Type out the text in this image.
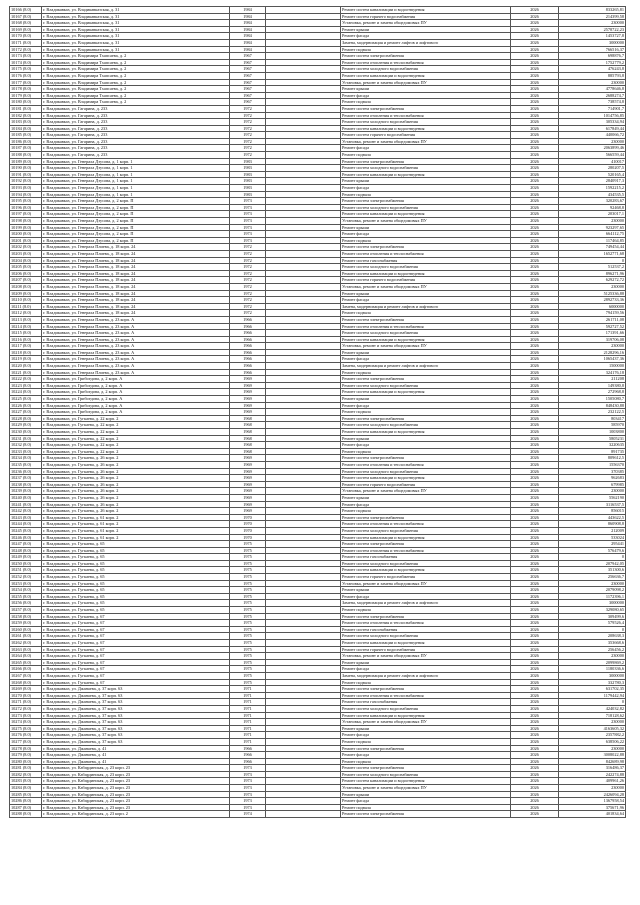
10166 (8.0)	г. Владикавказ, ул. Владикавказская, д. 31	1984		Ремонт систем канализации и водоотведения	2026	833265,81
10167 (8.0)	г. Владикавказ, ул. Владикавказская, д. 31	1984		Ремонт систем горячего водоснабжения	2026	214399,58
10168 (8.0)	г. Владикавказ, ул. Владикавказская, д. 31	1984		Установка, ремонт и замена общедомовых ПУ	2026	230000
10169 (8.0)	г. Владикавказ, ул. Владикавказская, д. 31	1984		Ремонт крыши	2026	2578722,23
10170 (8.0)	г. Владикавказ, ул. Владикавказская, д. 31	1984		Ремонт фасада	2026	1453727,8
10171 (8.0)	г. Владикавказ, ул. Владикавказская, д. 31	1984		Замена, модернизация и ремонт лифтов и лифтового	2026	3000000
10172 (8.0)	г. Владикавказ, ул. Владикавказская, д. 31	1984		Ремонт подвала	2026	766516,37
10173 (8.0)	г. Владикавказ, ул. Владимира Тхапсаева, д. 2	1967		Ремонт систем электроснабжения	2026	698876,7
10174 (8.0)	г. Владикавказ, ул. Владимира Тхапсаева, д. 2	1967		Ремонт систем отопления и теплоснабжения	2026	1752779,2
10175 (8.0)	г. Владикавказ, ул. Владимира Тхапсаева, д. 2	1967		Ремонт систем холодного водоснабжения	2026	476243,8
10176 (8.0)	г. Владикавказ, ул. Владимира Тхапсаева, д. 2	1967		Ремонт систем канализации и водоотведения	2026	885793,8
10177 (8.0)	г. Владикавказ, ул. Владимира Тхапсаева, д. 2	1967		Установка, ремонт и замена общедомовых ПУ	2026	230000
10178 (8.0)	г. Владикавказ, ул. Владимира Тхапсаева, д. 2	1967		Ремонт крыши	2026	4778646,8
10179 (8.0)	г. Владикавказ, ул. Владимира Тхапсаева, д. 2	1967		Ремонт фасада	2026	2688274,7
10180 (8.0)	г. Владикавказ, ул. Владимира Тхапсаева, д. 2	1967		Ремонт подвала	2026	738574,8
10181 (8.0)	г. Владикавказ, ул. Гагарина, д. 233	1972		Ремонт систем электроснабжения	2026	714901,7
10182 (8.0)	г. Владикавказ, ул. Гагарина, д. 233	1972		Ремонт систем отопления и теплоснабжения	2026	1014756,85
10183 (8.0)	г. Владикавказ, ул. Гагарина, д. 233	1972		Ремонт систем холодного водоснабжения	2026	305334,94
10184 (8.0)	г. Владикавказ, ул. Гагарина, д. 233	1972		Ремонт систем канализации и водоотведения	2026	617849,44
10185 (8.0)	г. Владикавказ, ул. Гагарина, д. 233	1972		Ремонт систем горячего водоснабжения	2026	440066,72
10186 (8.0)	г. Владикавказ, ул. Гагарина, д. 233	1972		Установка, ремонт и замена общедомовых ПУ	2026	230000
10187 (8.0)	г. Владикавказ, ул. Гагарина, д. 233	1972		Ремонт фасада	2026	2063899,46
10188 (8.0)	г. Владикавказ, ул. Гагарина, д. 233	1972		Ремонт подвала	2026	566559,44
10189 (8.0)	г. Владикавказ, ул. Генерала Дзусова, д. 1 корп. 1	1983		Ремонт систем электроснабжения	2026	410017
10190 (8.0)	г. Владикавказ, ул. Генерала Дзусова, д. 1 корп. 1	1983		Ремонт систем холодного водоснабжения	2026	280207,5
10191 (8.0)	г. Владикавказ, ул. Генерала Дзусова, д. 1 корп. 1	1983		Ремонт систем канализации и водоотведения	2026	520165,4
10192 (8.0)	г. Владикавказ, ул. Генерала Дзусова, д. 1 корп. 1	1983		Ремонт крыши	2026	2840917,3
10193 (8.0)	г. Владикавказ, ул. Генерала Дзусова, д. 1 корп. 1	1983		Ремонт фасада	2026	1592215,2
10194 (8.0)	г. Владикавказ, ул. Генерала Дзусова, д. 1 корп. 1	1983		Ремонт подвала	2026	434535,5
10195 (8.0)	г. Владикавказ, ул. Генерала Дзусова, д. 2 корп. П	1973		Ремонт систем электроснабжения	2026	320283,67
10196 (8.0)	г. Владикавказ, ул. Генерала Дзусова, д. 2 корп. П	1973		Ремонт систем холодного водоснабжения	2026	92468,8
10197 (8.0)	г. Владикавказ, ул. Генерала Дзусова, д. 2 корп. П	1973		Ремонт систем канализации и водоотведения	2026	203017,1
10198 (8.0)	г. Владикавказ, ул. Генерала Дзусова, д. 2 корп. П	1973		Установка, ремонт и замена общедомовых ПУ	2026	230000
10199 (8.0)	г. Владикавказ, ул. Генерала Дзусова, д. 2 корп. П	1973		Ремонт крыши	2026	923297,65
10200 (8.0)	г. Владикавказ, ул. Генерала Дзусова, д. 2 корп. П	1973		Ремонт фасада	2026	664112,75
10201 (8.0)	г. Владикавказ, ул. Генерала Дзусова, д. 2 корп. П	1973		Ремонт подвала	2026	117464,85
10202 (8.0)	г. Владикавказ, ул. Генерала Плиева, д. 18 корп. 24	1972		Ремонт систем электроснабжения	2026	749454,44
10203 (8.0)	г. Владикавказ, ул. Генерала Плиева, д. 18 корп. 24	1972		Ремонт систем отопления и теплоснабжения	2026	1652771,68
10204 (8.0)	г. Владикавказ, ул. Генерала Плиева, д. 18 корп. 24	1972		Ремонт систем газоснабжения	2026	0
10205 (8.0)	г. Владикавказ, ул. Генерала Плиева, д. 18 корп. 24	1972		Ремонт систем холодного водоснабжения	2026	512537,2
10206 (8.0)	г. Владикавказ, ул. Генерала Плиева, д. 18 корп. 24	1972		Ремонт систем канализации и водоотведения	2026	896271,96
10207 (8.0)	г. Владикавказ, ул. Генерала Плиева, д. 18 корп. 24	1972		Ремонт систем горячего водоснабжения	2026	629272,72
10208 (8.0)	г. Владикавказ, ул. Генерала Плиева, д. 18 корп. 24	1972		Установка, ремонт и замена общедомовых ПУ	2026	230000
10209 (8.0)	г. Владикавказ, ул. Генерала Плиева, д. 18 корп. 24	1972		Ремонт крыши	2026	5125336,88
10210 (8.0)	г. Владикавказ, ул. Генерала Плиева, д. 18 корп. 24	1972		Ремонт фасада	2026	2892733,36
10211 (8.0)	г. Владикавказ, ул. Генерала Плиева, д. 18 корп. 24	1972		Замена, модернизация и ремонт лифтов и лифтового	2026	6000000
10212 (8.0)	г. Владикавказ, ул. Генерала Плиева, д. 18 корп. 24	1972		Ремонт подвала	2026	794159,56
10213 (8.0)	г. Владикавказ, ул. Генерала Плиева, д. 23 корп. А	1966		Ремонт систем электроснабжения	2026	261711,08
10214 (8.0)	г. Владикавказ, ул. Генерала Плиева, д. 23 корп. А	1966		Ремонт систем отопления и теплоснабжения	2026	592727,52
10215 (8.0)	г. Владикавказ, ул. Генерала Плиева, д. 23 корп. А	1966		Ремонт систем холодного водоснабжения	2026	171391,66
10216 (8.0)	г. Владикавказ, ул. Генерала Плиева, д. 23 корп. А	1966		Ремонт систем канализации и водоотведения	2026	319706,08
10217 (8.0)	г. Владикавказ, ул. Генерала Плиева, д. 23 корп. А	1966		Установка, ремонт и замена общедомовых ПУ	2026	230000
10218 (8.0)	г. Владикавказ, ул. Генерала Плиева, д. 23 корп. А	1966		Ремонт крыши	2026	2128296,16
10219 (8.0)	г. Владикавказ, ул. Генерала Плиева, д. 23 корп. А	1966		Ремонт фасада	2026	1065437,36
10220 (8.0)	г. Владикавказ, ул. Генерала Плиева, д. 23 корп. А	1966		Замена, модернизация и ремонт лифтов и лифтового	2026	1500000
10221 (8.0)	г. Владикавказ, ул. Генерала Плиева, д. 23 корп. А	1966		Ремонт подвала	2026	324176,18
10222 (8.0)	г. Владикавказ, ул. Грибоедова, д. 2 корп. А	1969		Ремонт систем электроснабжения	2026	211208
10223 (8.0)	г. Владикавказ, ул. Грибоедова, д. 2 корп. А	1969		Ремонт систем холодного водоснабжения	2026	149380,8
10224 (8.0)	г. Владикавказ, ул. Грибоедова, д. 2 корп. А	1969		Ремонт систем канализации и водоотведения	2026	272968,8
10225 (8.0)	г. Владикавказ, ул. Грибоедова, д. 2 корп. А	1969		Ремонт крыши	2026	1505080,7
10226 (8.0)	г. Владикавказ, ул. Грибоедова, д. 2 корп. А	1969		Ремонт фасада	2026	848430,88
10227 (8.0)	г. Владикавказ, ул. Грибоедова, д. 2 корп. А	1969		Ремонт подвала	2026	232122,5
10228 (8.0)	г. Владикавказ, ул. Гугкаева, д. 22 корп. 2	1968		Ремонт систем электроснабжения	2026	803417
10229 (8.0)	г. Владикавказ, ул. Гугкаева, д. 22 корп. 2	1968		Ремонт систем холодного водоснабжения	2026	585970
10230 (8.0)	г. Владикавказ, ул. Гугкаева, д. 22 корп. 2	1968		Ремонт систем канализации и водоотведения	2026	1003800
10231 (8.0)	г. Владикавказ, ул. Гугкаева, д. 22 корп. 2	1968		Ремонт крыши	2026	5805231
10232 (8.0)	г. Владикавказ, ул. Гугкаева, д. 22 корп. 2	1968		Ремонт фасада	2026	3220635
10233 (8.0)	г. Владикавказ, ул. Гугкаева, д. 22 корп. 2	1968		Ремонт подвала	2026	891735
10234 (8.0)	г. Владикавказ, ул. Гугкаева, д. 26 корп. 2	1969		Ремонт систем электроснабжения	2026	809612,5
10235 (8.0)	г. Владикавказ, ул. Гугкаева, д. 26 корп. 2	1969		Ремонт систем отопления и теплоснабжения	2026	1556370
10236 (8.0)	г. Владикавказ, ул. Гугкаева, д. 26 корп. 2	1969		Ремонт систем холодного водоснабжения	2026	370385
10237 (8.0)	г. Владикавказ, ул. Гугкаева, д. 26 корп. 2	1969		Ремонт систем канализации и водоотведения	2026	962683
10238 (8.0)	г. Владикавказ, ул. Гугкаева, д. 26 корп. 2	1969		Ремонт систем горячего водоснабжения	2026	679985
10239 (8.0)	г. Владикавказ, ул. Гугкаева, д. 26 корп. 2	1969		Установка, ремонт и замена общедомовых ПУ	2026	230000
10240 (8.0)	г. Владикавказ, ул. Гугкаева, д. 26 корп. 2	1969		Ремонт крыши	2026	5562190
10241 (8.0)	г. Владикавказ, ул. Гугкаева, д. 26 корп. 2	1969		Ремонт фасада	2026	3116537,5
10242 (8.0)	г. Владикавказ, ул. Гугкаева, д. 26 корп. 2	1969		Ремонт подвала	2026	856015
10243 (8.0)	г. Владикавказ, ул. Гугкаева, д. 61 корп. 2	1970		Ремонт систем электроснабжения	2026	443622,5
10244 (8.0)	г. Владикавказ, ул. Гугкаева, д. 61 корп. 2	1970		Ремонт систем отопления и теплоснабжения	2026	860908,8
10245 (8.0)	г. Владикавказ, ул. Гугкаева, д. 61 корп. 2	1970		Ремонт систем холодного водоснабжения	2026	212009
10246 (8.0)	г. Владикавказ, ул. Гугкаева, д. 61 корп. 2	1970		Ремонт систем канализации и водоотведения	2026	533024
10247 (8.0)	г. Владикавказ, ул. Гугкаева, д. 65	1975		Ремонт систем электроснабжения	2026	295441
10248 (8.0)	г. Владикавказ, ул. Гугкаева, д. 65	1975		Ремонт систем отопления и теплоснабжения	2026	576479,6
10249 (8.0)	г. Владикавказ, ул. Гугкаева, д. 65	1975		Ремонт систем газоснабжения	2026	0
10250 (8.0)	г. Владикавказ, ул. Гугкаева, д. 65	1975		Ремонт систем холодного водоснабжения	2026	207942,05
10251 (8.0)	г. Владикавказ, ул. Гугкаева, д. 65	1975		Ремонт систем канализации и водоотведения	2026	351300,6
10252 (8.0)	г. Владикавказ, ул. Гугкаева, д. 65	1975		Ремонт систем горячего водоснабжения	2026	256636,7
10253 (8.0)	г. Владикавказ, ул. Гугкаева, д. 65	1975		Установка, ремонт и замена общедомовых ПУ	2026	230000
10254 (8.0)	г. Владикавказ, ул. Гугкаева, д. 65	1975		Ремонт крыши	2026	2079098,2
10255 (8.0)	г. Владикавказ, ул. Гугкаева, д. 65	1975		Ремонт фасада	2026	1172396,1
10256 (8.0)	г. Владикавказ, ул. Гугкаева, д. 65	1975		Замена, модернизация и ремонт лифтов и лифтового	2026	3000000
10257 (8.0)	г. Владикавказ, ул. Гугкаева, д. 65	1975		Ремонт подвала	2026	329080,65
10258 (8.0)	г. Владикавказ, ул. Гугкаева, д. 67	1975		Ремонт систем электроснабжения	2026	309499,6
10259 (8.0)	г. Владикавказ, ул. Гугкаева, д. 67	1975		Ремонт систем отопления и теплоснабжения	2026	579526,4
10260 (8.0)	г. Владикавказ, ул. Гугкаева, д. 67	1975		Ремонт систем газоснабжения	2026	0
10261 (8.0)	г. Владикавказ, ул. Гугкаева, д. 67	1975		Ремонт систем холодного водоснабжения	2026	208638,3
10262 (8.0)	г. Владикавказ, ул. Гугкаева, д. 67	1975		Ремонт систем канализации и водоотведения	2026	353668,6
10263 (8.0)	г. Владикавказ, ул. Гугкаева, д. 67	1975		Ремонт систем горячего водоснабжения	2026	256456,2
10264 (8.0)	г. Владикавказ, ул. Гугкаева, д. 67	1975		Установка, ремонт и замена общедомовых ПУ	2026	230000
10265 (8.0)	г. Владикавказ, ул. Гугкаева, д. 67	1975		Ремонт крыши	2026	2099869,2
10266 (8.0)	г. Владикавказ, ул. Гугкаева, д. 67	1975		Ремонт фасада	2026	1180336,6
10267 (8.0)	г. Владикавказ, ул. Гугкаева, д. 67	1975		Замена, модернизация и ремонт лифтов и лифтового	2026	3000000
10268 (8.0)	г. Владикавказ, ул. Гугкаева, д. 67	1975		Ремонт подвала	2026	332780,3
10269 (8.0)	г. Владикавказ, ул. Джанаева, д. 37 корп. 63	1971		Ремонт систем электроснабжения	2026	631702,35
10270 (8.0)	г. Владикавказ, ул. Джанаева, д. 37 корп. 63	1971		Ремонт систем отопления и теплоснабжения	2026	1179442,94
10271 (8.0)	г. Владикавказ, ул. Джанаева, д. 37 корп. 63	1971		Ремонт систем газоснабжения	2026	0
10272 (8.0)	г. Владикавказ, ул. Джанаева, д. 37 корп. 63	1971		Ремонт систем холодного водоснабжения	2026	424032,82
10273 (8.0)	г. Владикавказ, ул. Джанаева, д. 37 корп. 63	1971		Ремонт систем канализации и водоотведения	2026	718128,62
10274 (8.0)	г. Владикавказ, ул. Джанаева, д. 37 корп. 63	1971		Установка, ремонт и замена общедомовых ПУ	2026	230000
10275 (8.0)	г. Владикавказ, ул. Джанаева, д. 37 корп. 63	1971		Ремонт крыши	2026	4163605,32
10276 (8.0)	г. Владикавказ, ул. Джанаева, д. 37 корп. 63	1971		Ремонт фасада	2026	2357882,2
10277 (8.0)	г. Владикавказ, ул. Джанаева, д. 37 корп. 63	1971		Ремонт подвала	2026	638506,22
10278 (8.0)	г. Владикавказ, ул. Джанаева, д. 41	1966		Ремонт систем электроснабжения	2026	230000
10279 (8.0)	г. Владикавказ, ул. Джанаева, д. 41	1966		Ремонт фасада	2026	3008022,88
10280 (8.0)	г. Владикавказ, ул. Джанаева, д. 41	1966		Ремонт подвала	2026	842689,98
10281 (8.0)	г. Владикавказ, ул. Кабардинская, д. 23 корп. 23	1973		Ремонт систем электроснабжения	2026	316486,37
10282 (8.0)	г. Владикавказ, ул. Кабардинская, д. 23 корп. 23	1973		Ремонт систем холодного водоснабжения	2026	242274,88
10283 (8.0)	г. Владикавказ, ул. Кабардинская, д. 23 корп. 23	1973		Ремонт систем канализации и водоотведения	2026	409961,26
10284 (8.0)	г. Владикавказ, ул. Кабардинская, д. 23 корп. 23	1973		Установка, ремонт и замена общедомовых ПУ	2026	230000
10285 (8.0)	г. Владикавказ, ул. Кабардинская, д. 23 корп. 23	1973		Ремонт крыши	2026	2426094,28
10286 (8.0)	г. Владикавказ, ул. Кабардинская, д. 23 корп. 23	1973		Ремонт фасада	2026	1367958,54
10287 (8.0)	г. Владикавказ, ул. Кабардинская, д. 23 корп. 23	1973		Ремонт подвала	2026	375671,96
10288 (8.0)	г. Владикавказ, ул. Кабардинская, д. 23 корп. 2	1974		Ремонт систем электроснабжения	2026	401834,64
